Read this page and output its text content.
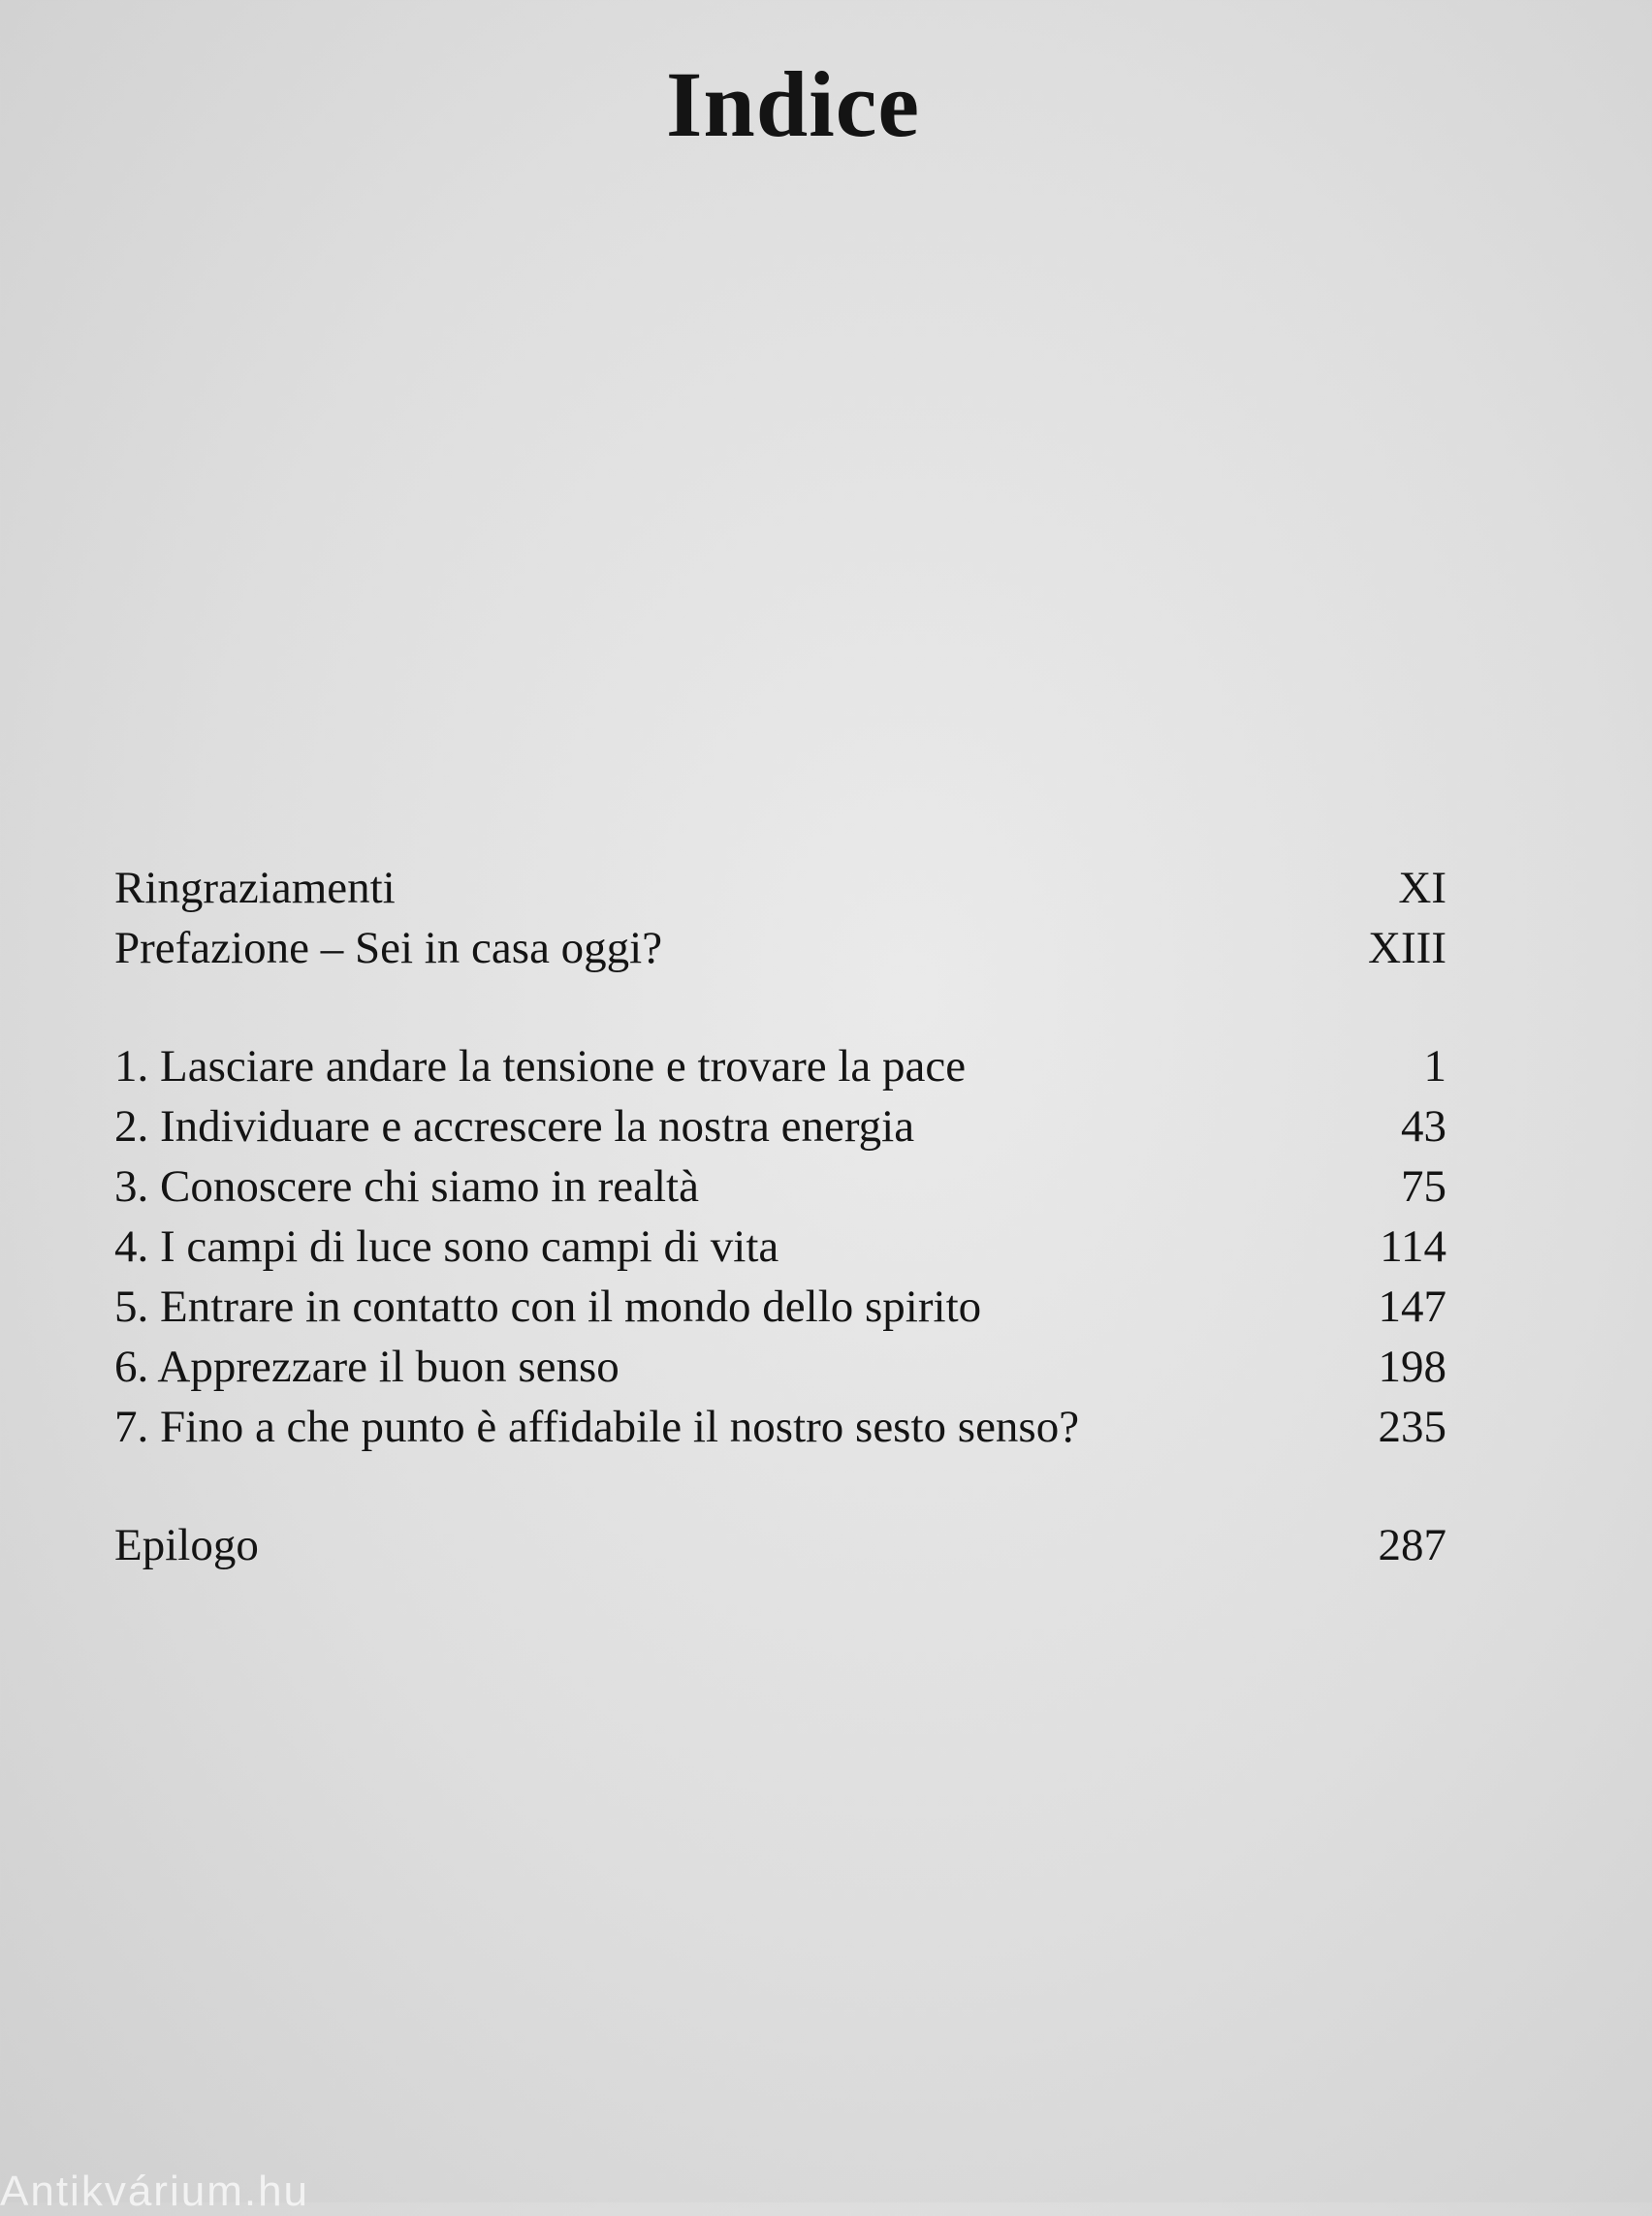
Indice
Ringraziamenti	XI
Prefazione – Sei in casa oggi?	XIII
1. Lasciare andare la tensione e trovare la pace	1
2. Individuare e accrescere la nostra energia	43
3. Conoscere chi siamo in realtà	75
4. I campi di luce sono campi di vita	114
5. Entrare in contatto con il mondo dello spirito	147
6. Apprezzare il buon senso	198
7. Fino a che punto è affidabile il nostro sesto senso?	235
Epilogo	287
Antikvárium.hu
